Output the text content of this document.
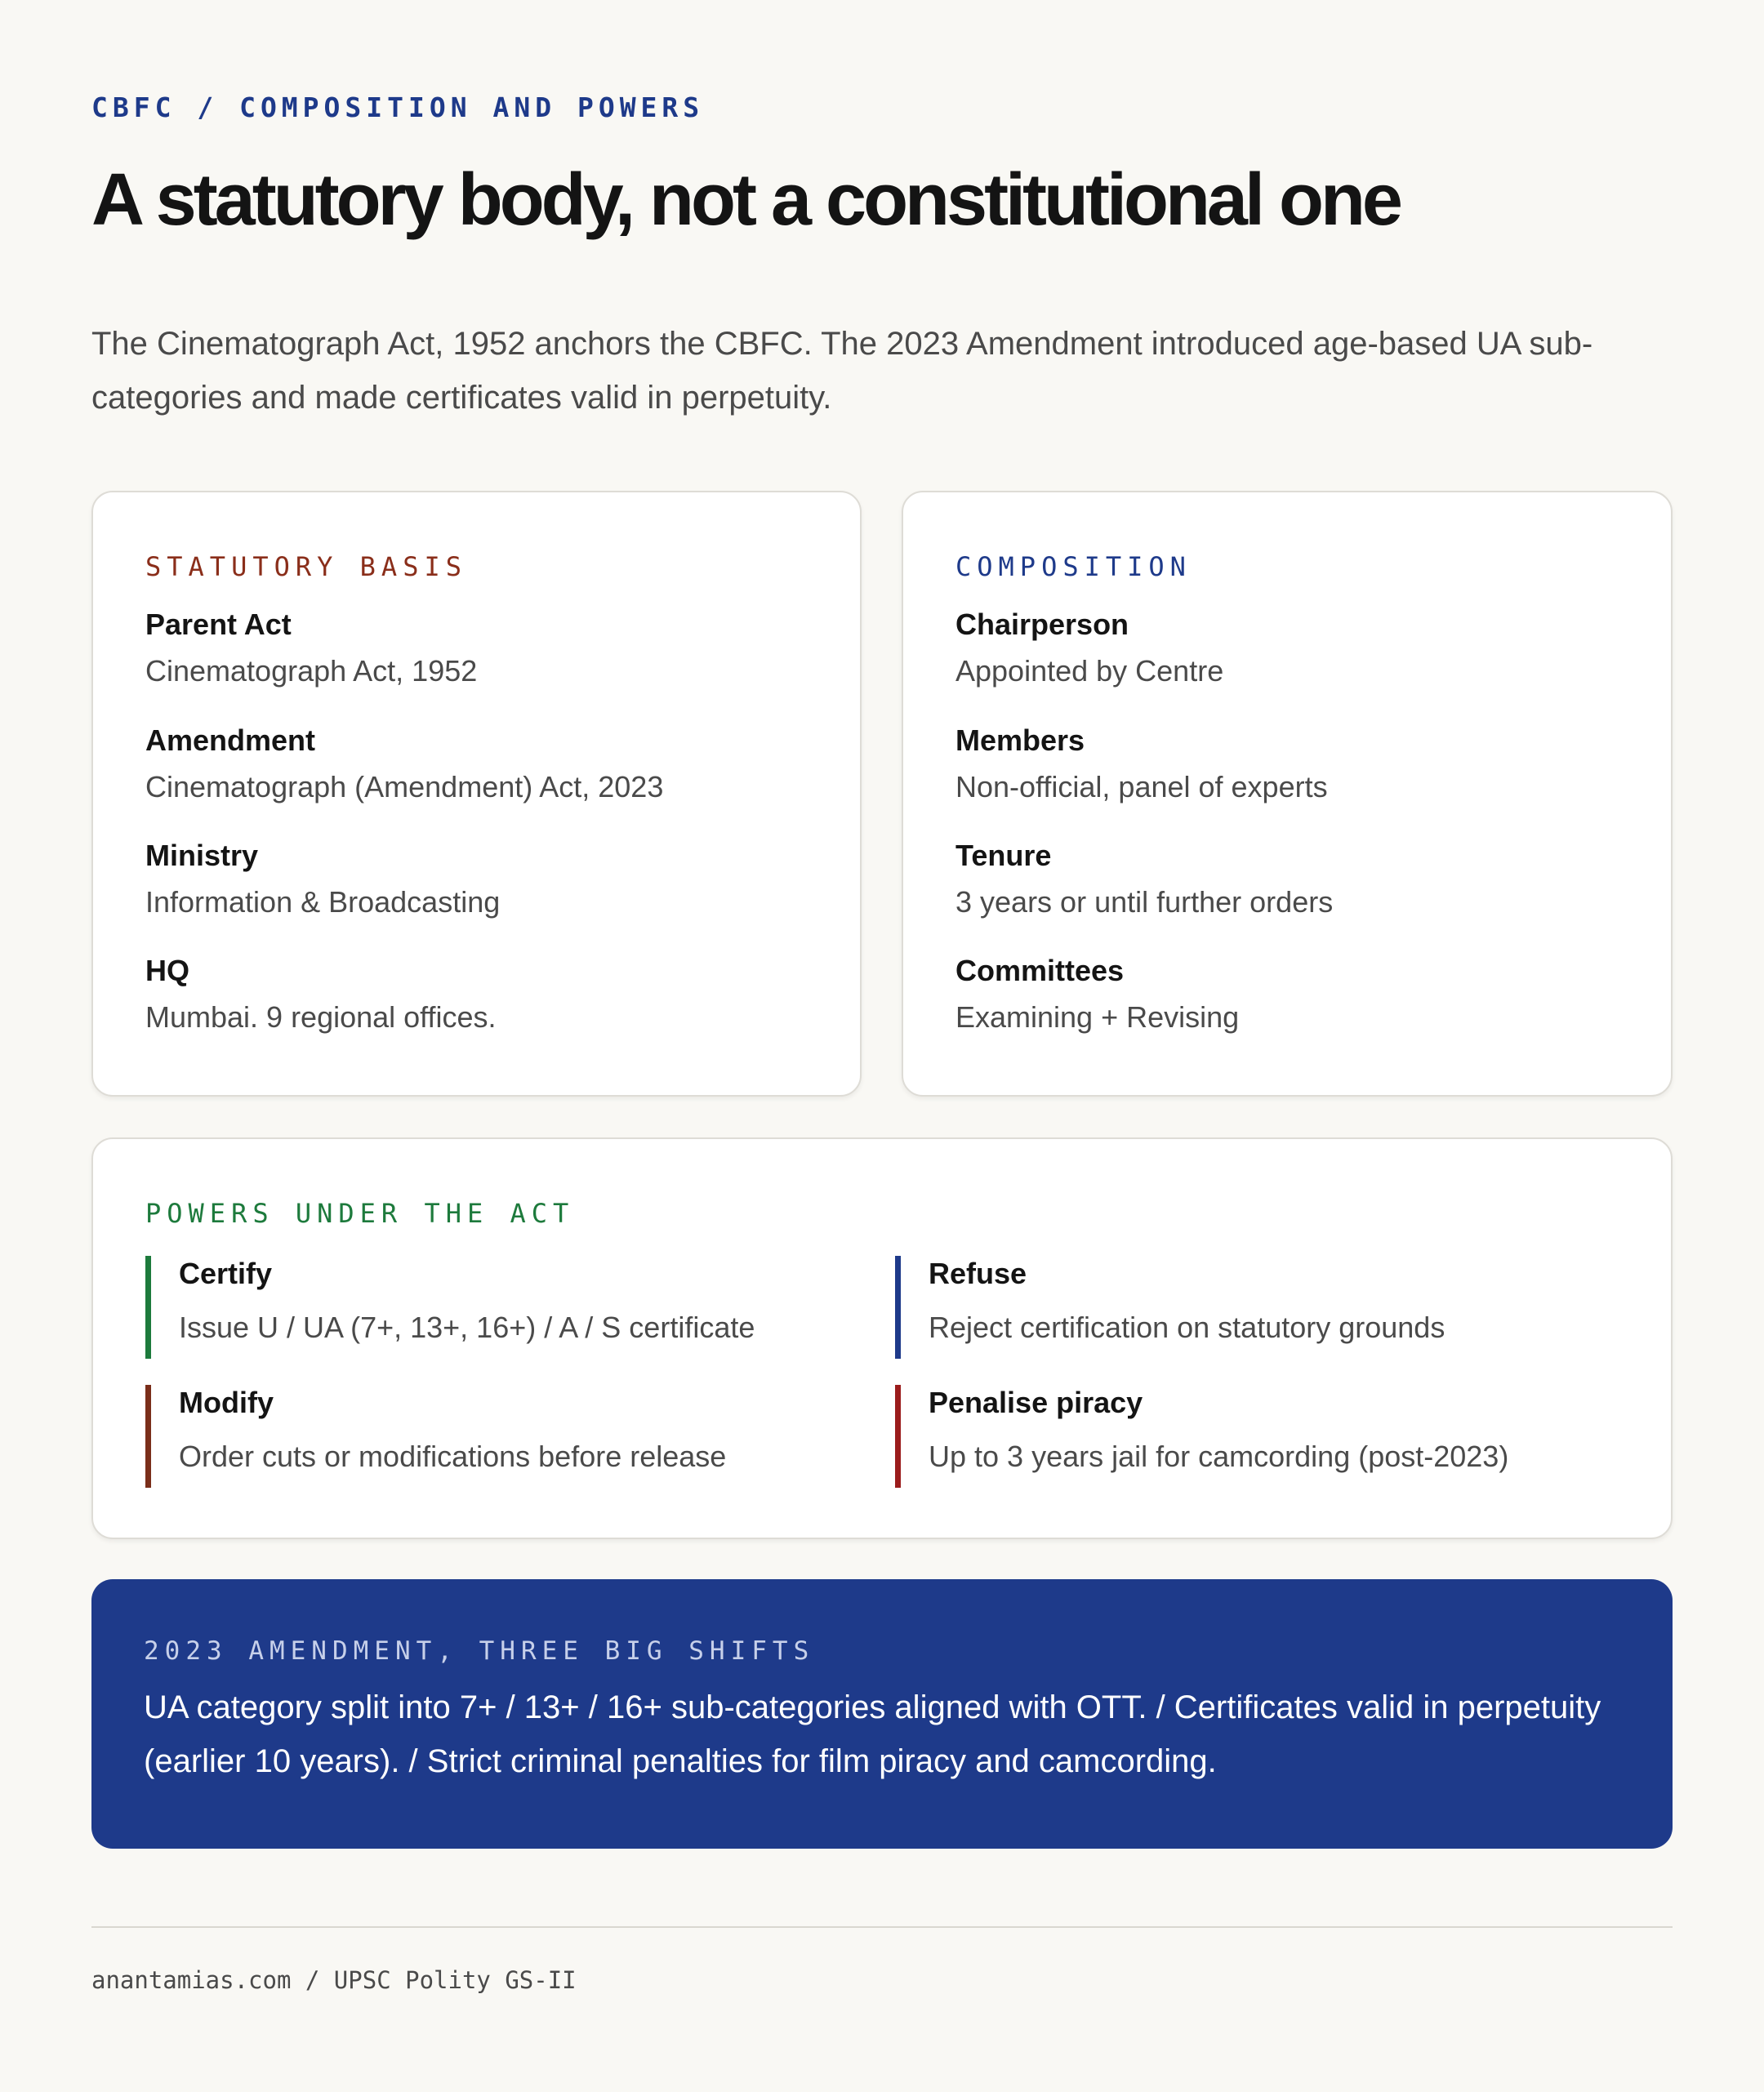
CBFC / COMPOSITION AND POWERS
A statutory body, not a constitutional one

The Cinematograph Act, 1952 anchors the CBFC. The 2023 Amendment introduced age-based UA sub-categories and made certificates valid in perpetuity.

STATUTORY BASIS
Parent Act
Cinematograph Act, 1952
Amendment
Cinematograph (Amendment) Act, 2023
Ministry
Information & Broadcasting
HQ
Mumbai. 9 regional offices.
COMPOSITION
Chairperson
Appointed by Centre
Members
Non-official, panel of experts
Tenure
3 years or until further orders
Committees
Examining + Revising
POWERS UNDER THE ACT
Certify
Issue U / UA (7+, 13+, 16+) / A / S certificate
Refuse
Reject certification on statutory grounds
Modify
Order cuts or modifications before release
Penalise piracy
Up to 3 years jail for camcording (post-2023)
2023 AMENDMENT, THREE BIG SHIFTS

UA category split into 7+ / 13+ / 16+ sub-categories aligned with OTT. / Certificates valid in perpetuity (earlier 10 years). / Strict criminal penalties for film piracy and camcording.

anantamias.com / UPSC Polity GS-II
